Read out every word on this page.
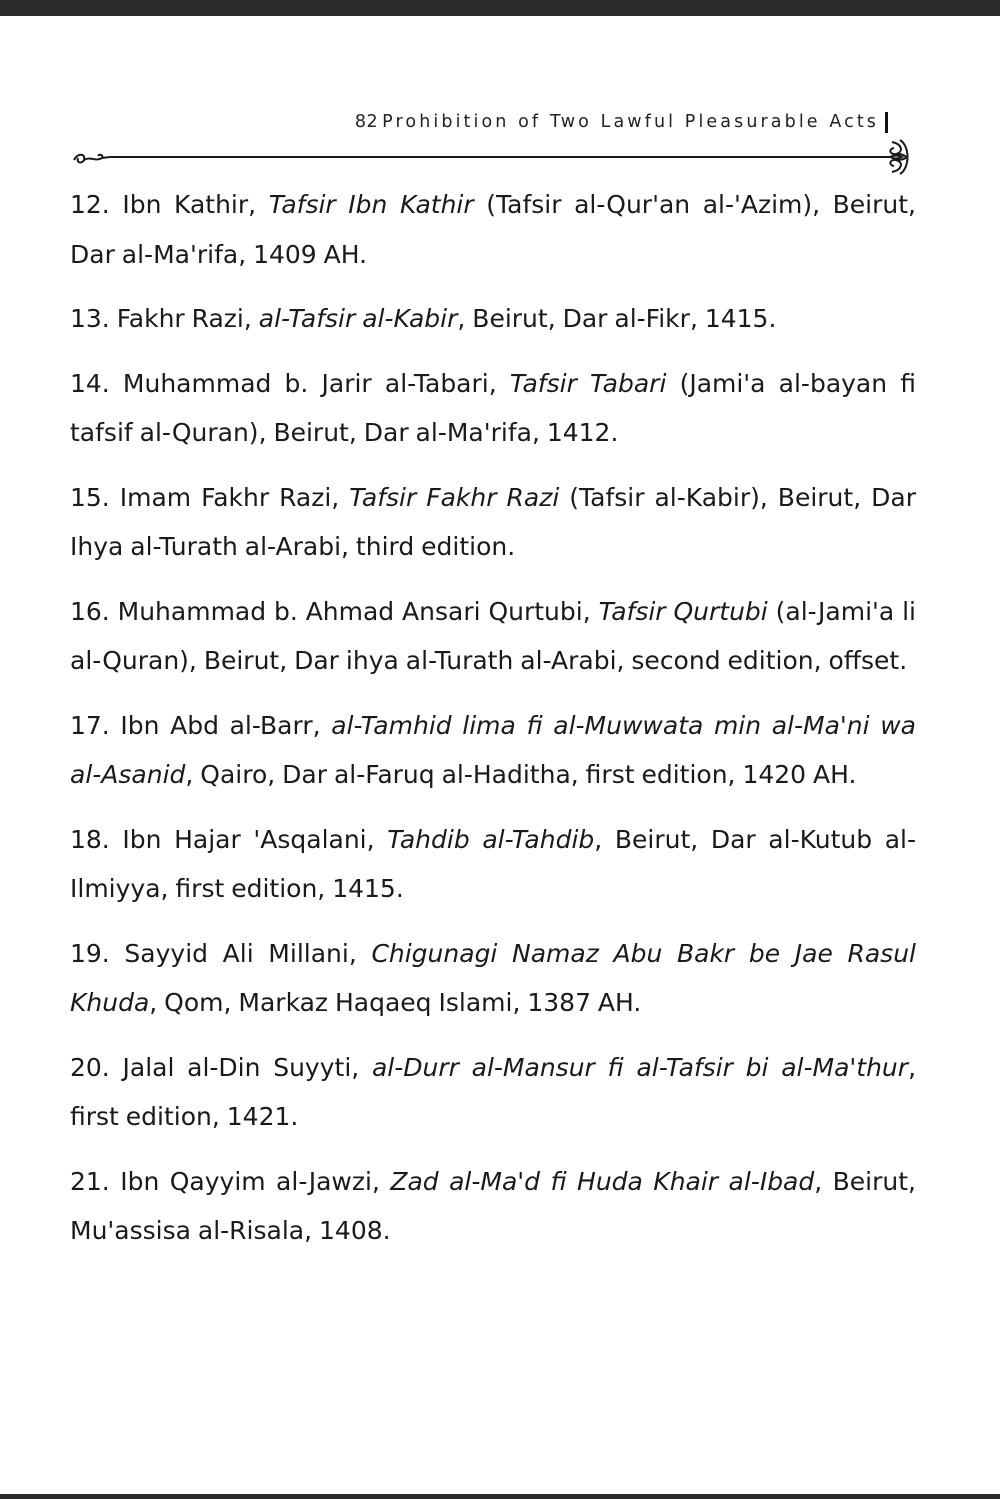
82 Prohibition of Two Lawful Pleasurable Acts

12. Ibn Kathir, Tafsir Ibn Kathir (Tafsir al-Qur'an al-'Azim), Beirut, Dar al-Ma'rifa, 1409 AH.

13. Fakhr Razi, al-Tafsir al-Kabir, Beirut, Dar al-Fikr, 1415.

14. Muhammad b. Jarir al-Tabari, Tafsir Tabari (Jami'a al-bayan fi tafsif al-Quran), Beirut, Dar al-Ma'rifa, 1412.

15. Imam Fakhr Razi, Tafsir Fakhr Razi (Tafsir al-Kabir), Beirut, Dar Ihya al-Turath al-Arabi, third edition.

16. Muhammad b. Ahmad Ansari Qurtubi, Tafsir Qurtubi (al-Jami'a li al-Quran), Beirut, Dar ihya al-Turath al-Arabi, second edition, offset.

17. Ibn Abd al-Barr, al-Tamhid lima fi al-Muwwata min al-Ma'ni wa al-Asanid, Qairo, Dar al-Faruq al-Haditha, first edition, 1420 AH.

18. Ibn Hajar 'Asqalani, Tahdib al-Tahdib, Beirut, Dar al-Kutub al-Ilmiyya, first edition, 1415.

19. Sayyid Ali Millani, Chigunagi Namaz Abu Bakr be Jae Rasul Khuda, Qom, Markaz Haqaeq Islami, 1387 AH.

20. Jalal al-Din Suyyti, al-Durr al-Mansur fi al-Tafsir bi al-Ma'thur, first edition, 1421.

21. Ibn Qayyim al-Jawzi, Zad al-Ma'd fi Huda Khair al-Ibad, Beirut, Mu'assisa al-Risala, 1408.
